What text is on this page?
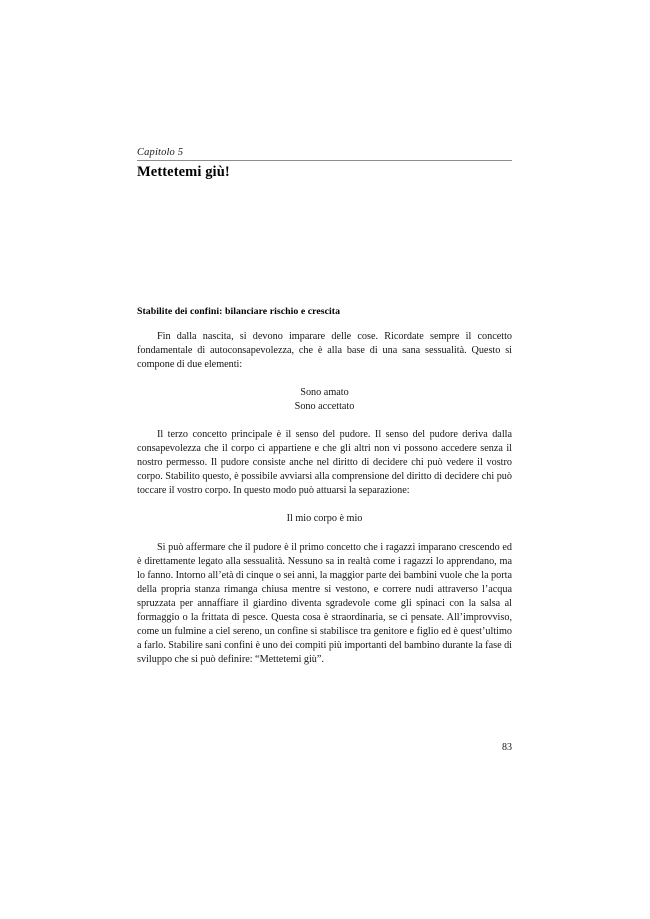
Capitolo 5
Mettetemi giù!
Stabilite dei confini: bilanciare rischio e crescita

Fin dalla nascita, si devono imparare delle cose. Ricordate sempre il concetto fondamentale di autoconsapevolezza, che è alla base di una sana sessualità. Questo si compone di due elementi:

Sono amato
Sono accettato

Il terzo concetto principale è il senso del pudore. Il senso del pudore deriva dalla consapevolezza che il corpo ci appartiene e che gli altri non vi possono accedere senza il nostro permesso. Il pudore consiste anche nel diritto di decidere chi può vedere il vostro corpo. Stabilito questo, è possibile avviarsi alla comprensione del diritto di decidere chi può toccare il vostro corpo. In questo modo può attuarsi la separazione:

Il mio corpo è mio

Si può affermare che il pudore è il primo concetto che i ragazzi imparano crescendo ed è direttamente legato alla sessualità. Nessuno sa in realtà come i ragazzi lo apprendano, ma lo fanno. Intorno all’età di cinque o sei anni, la maggior parte dei bambini vuole che la porta della propria stanza rimanga chiusa mentre si vestono, e correre nudi attraverso l’acqua spruzzata per annaffiare il giardino diventa sgradevole come gli spinaci con la salsa al formaggio o la frittata di pesce. Questa cosa è straordinaria, se ci pensate. All’improvviso, come un fulmine a ciel sereno, un confine si stabilisce tra genitore e figlio ed è quest’ultimo a farlo. Stabilire sani confini è uno dei compiti più importanti del bambino durante la fase di sviluppo che si può definire: “Mettetemi giù”.

83
